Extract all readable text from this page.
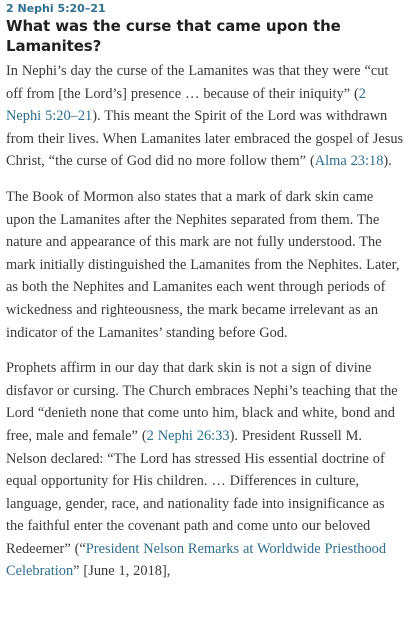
2 Nephi 5:20–21
What was the curse that came upon the Lamanites?

In Nephi’s day the curse of the Lamanites was that they were “cut off from [the Lord’s] presence … because of their iniquity” (2 Nephi 5:20–21). This meant the Spirit of the Lord was withdrawn from their lives. When Lamanites later embraced the gospel of Jesus Christ, “the curse of God did no more follow them” (Alma 23:18).

The Book of Mormon also states that a mark of dark skin came upon the Lamanites after the Nephites separated from them. The nature and appearance of this mark are not fully understood. The mark initially distinguished the Lamanites from the Nephites. Later, as both the Nephites and Lamanites each went through periods of wickedness and righteousness, the mark became irrelevant as an indicator of the Lamanites’ standing before God.

Prophets affirm in our day that dark skin is not a sign of divine disfavor or cursing. The Church embraces Nephi’s teaching that the Lord “denieth none that come unto him, black and white, bond and free, male and female” (2 Nephi 26:33). President Russell M. Nelson declared: “The Lord has stressed His essential doctrine of equal opportunity for His children. … Differences in culture, language, gender, race, and nationality fade into insignificance as the faithful enter the covenant path and come unto our beloved Redeemer” (“President Nelson Remarks at Worldwide Priesthood Celebration” [June 1, 2018],
